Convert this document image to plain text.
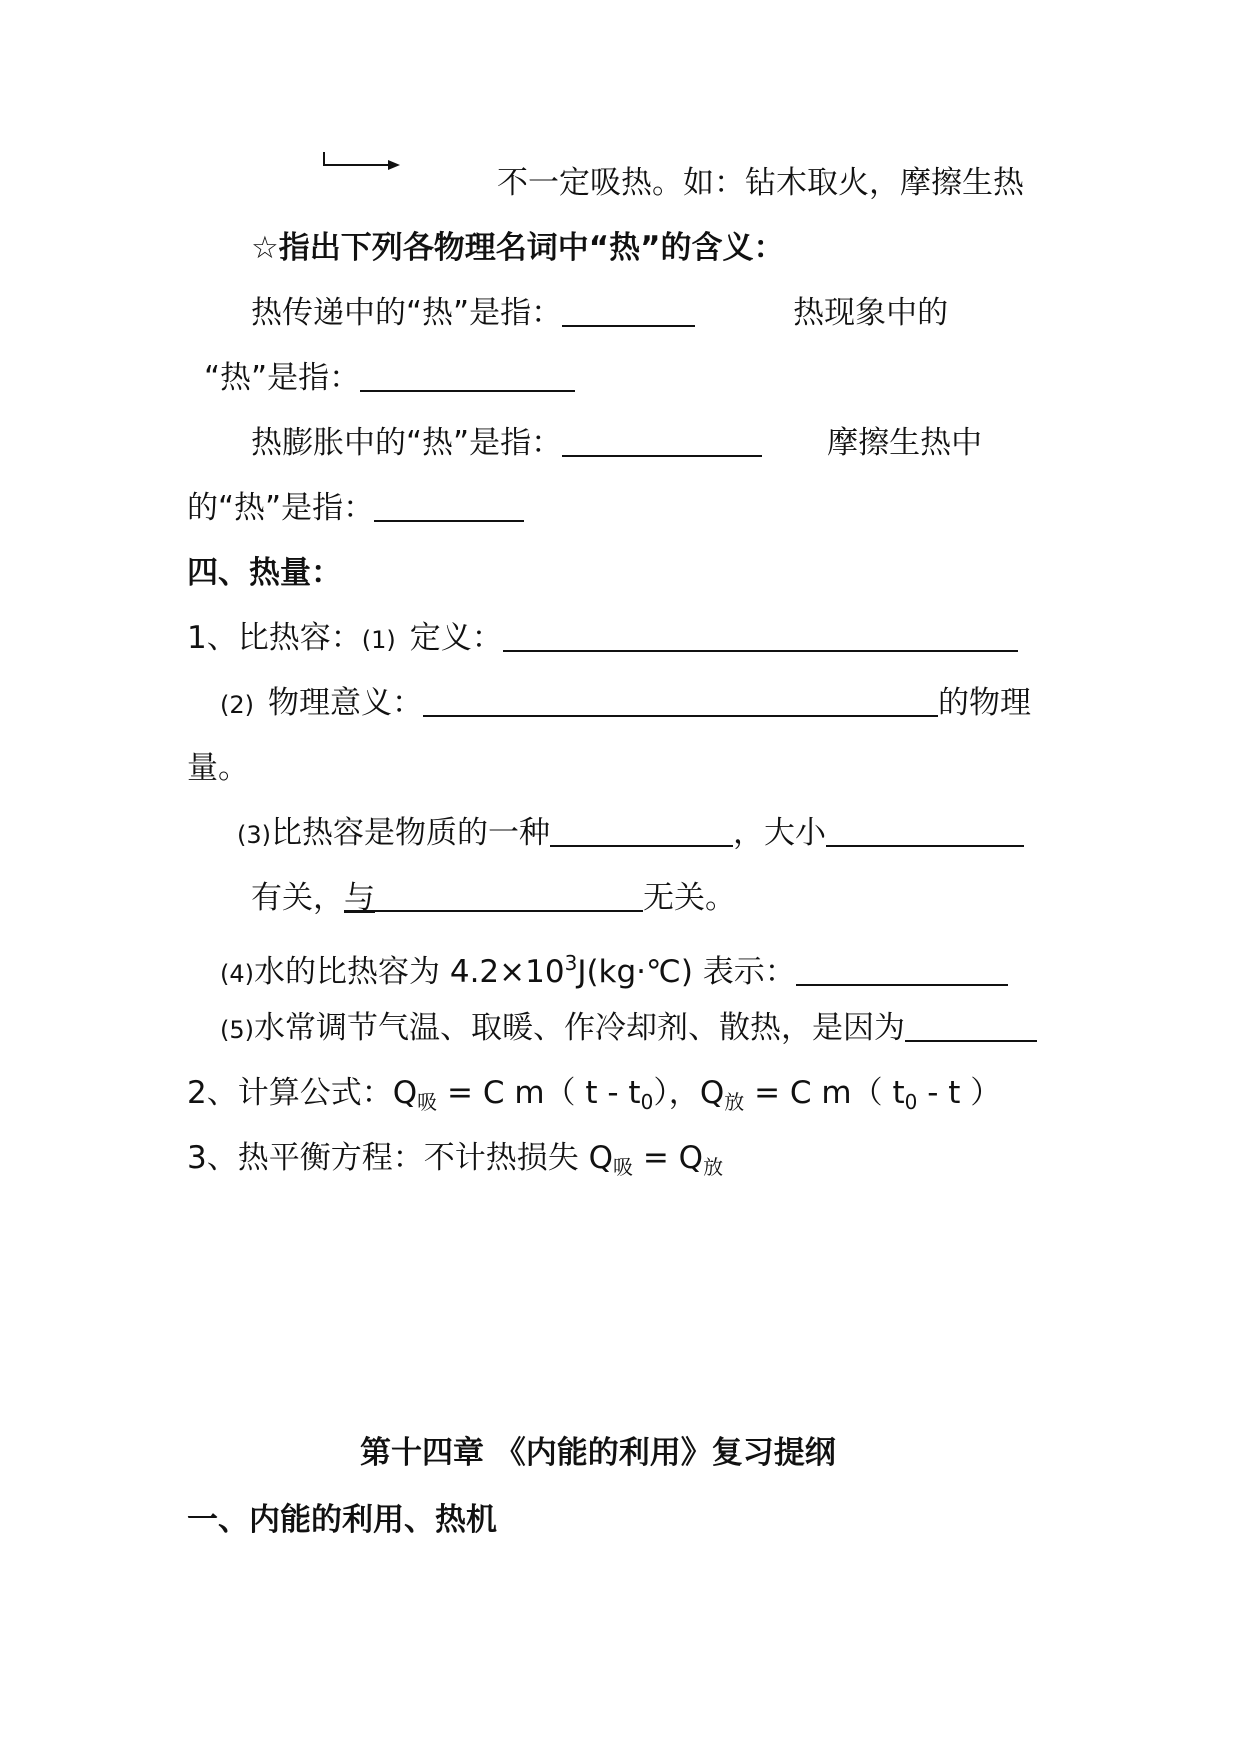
不一定吸热。如：钻木取火，摩擦生热
☆指出下列各物理名词中“热”的含义：
热传递中的“热”是指：	热现象中的
“热”是指：
热膨胀中的“热”是指：	摩擦生热中
的“热”是指：
四、热量：
1、比热容：(1) 定义：
(2) 物理意义：	的物理
量。
(3)比热容是物质的一种	，大小
有关，与	无关。
(4)水的比热容为 $4.2\times 10^3J(kg\cdot℃)$ 表示：
(5)水常调节气温、取暖、作冷却剂、散热，是因为
2、计算公式：$Q_吸 = C$ m（ t - $t_0$），$Q_放 = C$ m（ $t_0$ - t ）
3、热平衡方程：不计热损失 $Q_吸 = Q_放$
第十四章 《内能的利用》复习提纲
一、内能的利用、热机
